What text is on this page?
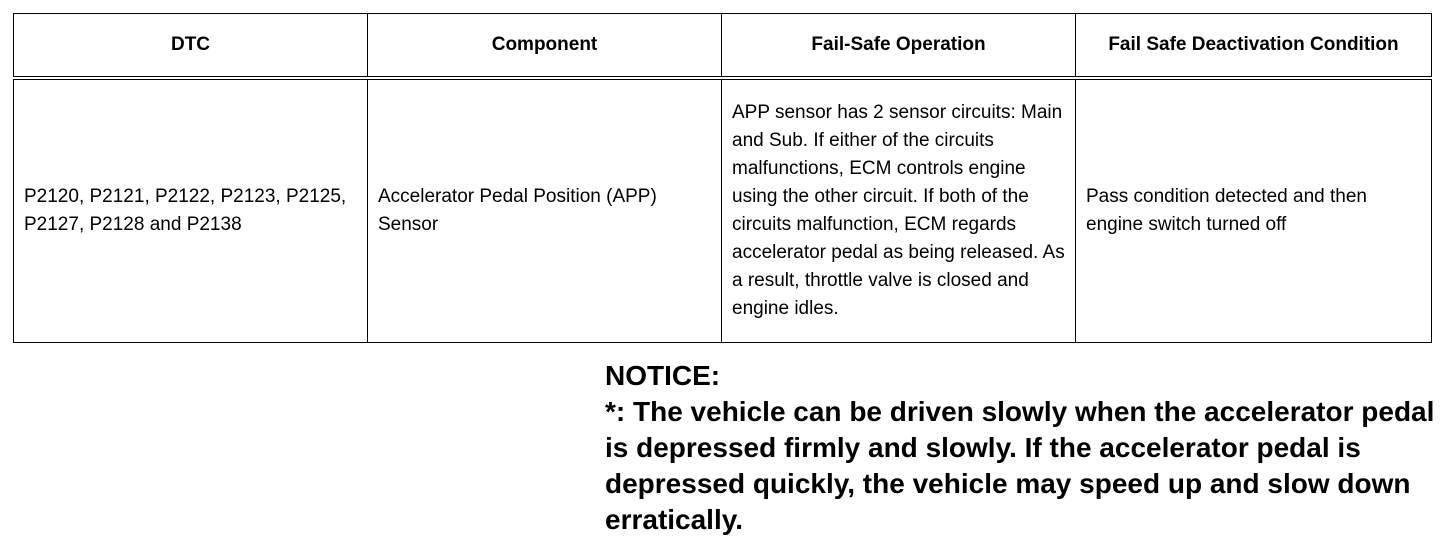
DTC	Component	Fail-Safe Operation	Fail Safe Deactivation Condition
P2120, P2121, P2122, P2123, P2125, P2127, P2128 and P2138	Accelerator Pedal Position (APP) Sensor	APP sensor has 2 sensor circuits: Main and Sub. If either of the circuits malfunctions, ECM controls engine using the other circuit. If both of the circuits malfunction, ECM regards accelerator pedal as being released. As a result, throttle valve is closed and engine idles.	Pass condition detected and then engine switch turned off
NOTICE:
*: The vehicle can be driven slowly when the accelerator pedal is depressed firmly and slowly. If the accelerator pedal is depressed quickly, the vehicle may speed up and slow down erratically.
